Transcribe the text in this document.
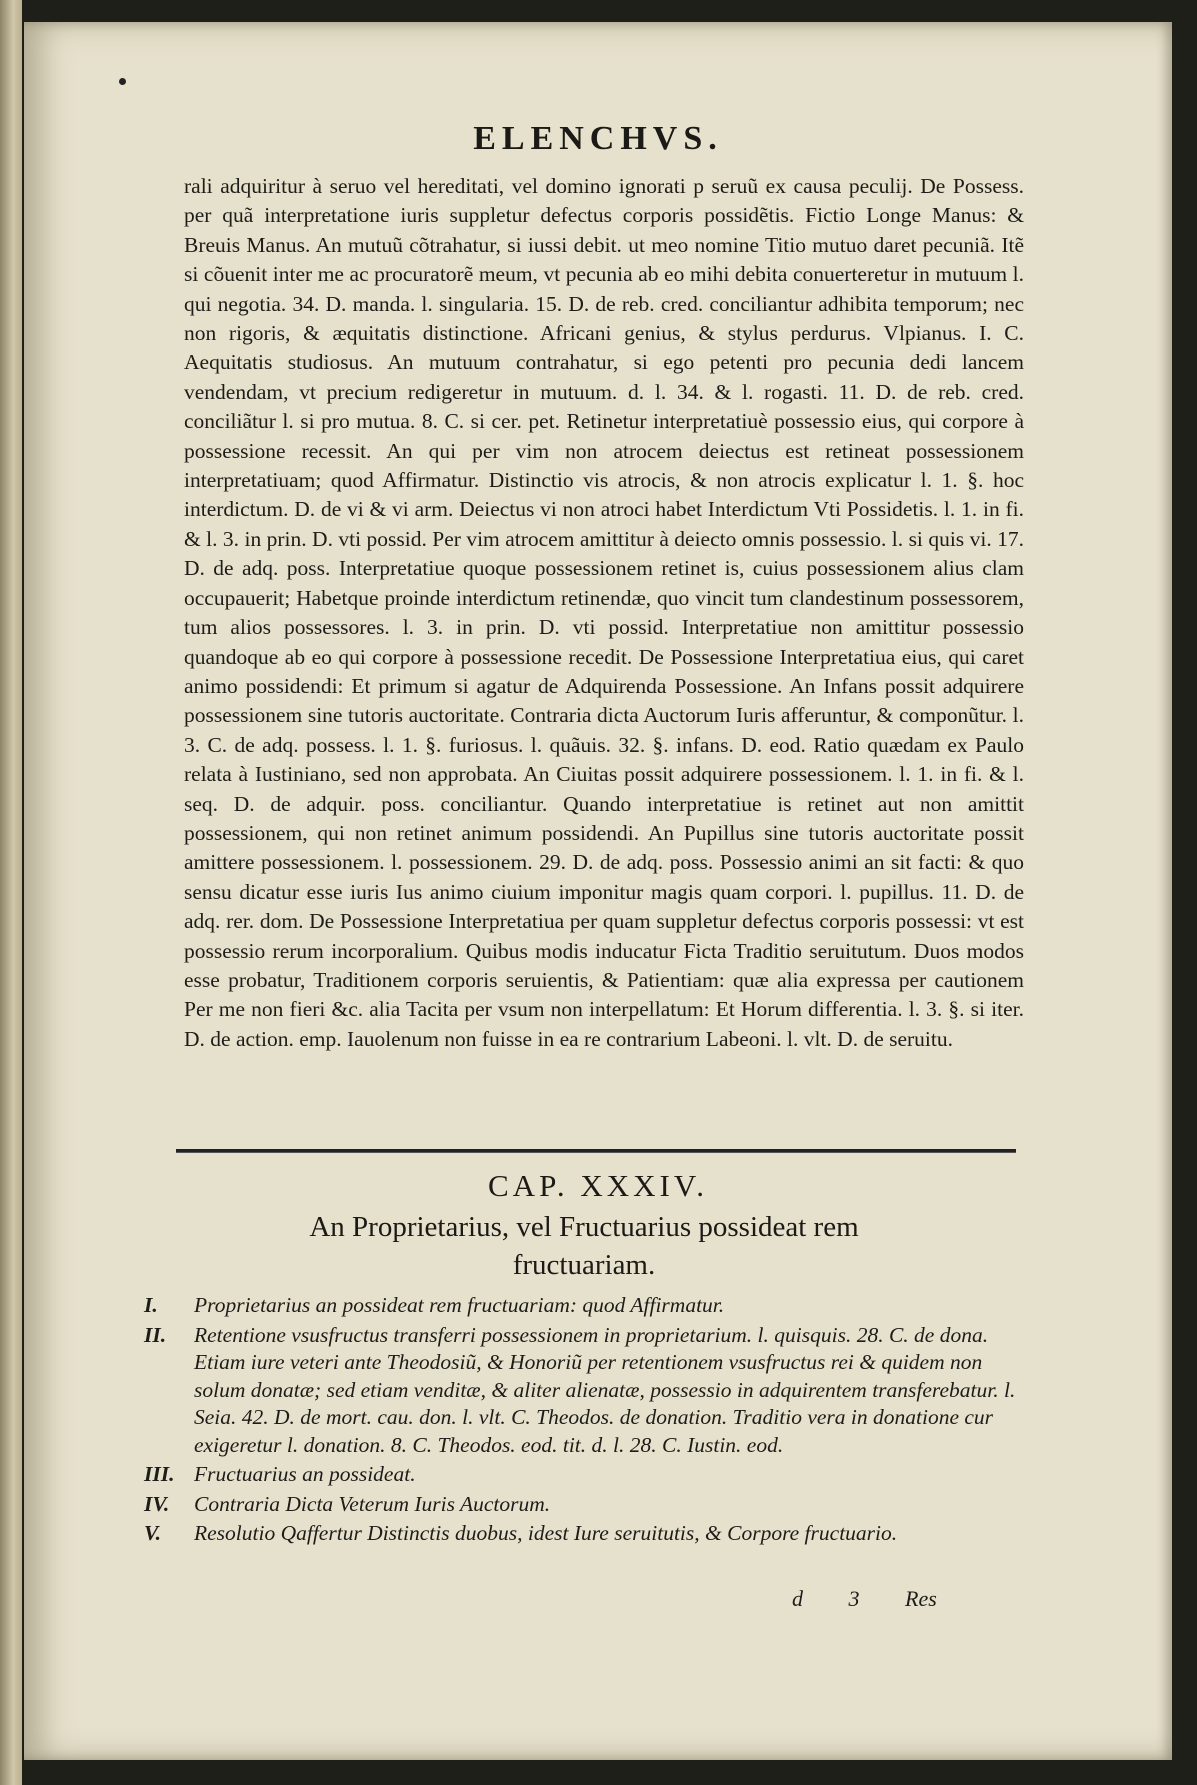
ELENCHVS.
rali adquiritur à seruo vel hereditati, vel domino ignorati p seruũ ex causa peculij. De Possess. per quã interpretatione iuris suppletur defectus corporis possidẽtis. Fictio Longe Manus: & Breuis Manus. An mutuũ cõtrahatur, si iussi debit. ut meo nomine Titio mutuo daret pecuniã. Itẽ si cõuenit inter me ac procuratorẽ meum, vt pecunia ab eo mihi debita conuerteretur in mutuum l. qui negotia. 34. D. manda. l. singularia. 15. D. de reb. cred. conciliantur adhibita temporum; nec non rigoris, & æquitatis distinctione. Africani genius, & stylus perdurus. Vlpianus. I. C. Aequitatis studiosus. An mutuum contrahatur, si ego petenti pro pecunia dedi lancem vendendam, vt precium redigeretur in mutuum. d. l. 34. & l. rogasti. 11. D. de reb. cred. conciliãtur l. si pro mutua. 8. C. si cer. pet. Retinetur interpretatiuè possessio eius, qui corpore à possessione recessit. An qui per vim non atrocem deiectus est retineat possessionem interpretatiuam; quod Affirmatur. Distinctio vis atrocis, & non atrocis explicatur l. 1. §. hoc interdictum. D. de vi & vi arm. Deiectus vi non atroci habet Interdictum Vti Possidetis. l. 1. in fi. & l. 3. in prin. D. vti possid. Per vim atrocem amittitur à deiecto omnis possessio. l. si quis vi. 17. D. de adq. poss. Interpretatiue quoque possessionem retinet is, cuius possessionem alius clam occupauerit; Habetque proinde interdictum retinendæ, quo vincit tum clandestinum possessorem, tum alios possessores. l. 3. in prin. D. vti possid. Interpretatiue non amittitur possessio quandoque ab eo qui corpore à possessione recedit. De Possessione Interpretatiua eius, qui caret animo possidendi: Et primum si agatur de Adquirenda Possessione. An Infans possit adquirere possessionem sine tutoris auctoritate. Contraria dicta Auctorum Iuris afferuntur, & componũtur. l. 3. C. de adq. possess. l. 1. §. furiosus. l. quãuis. 32. §. infans. D. eod. Ratio quædam ex Paulo relata à Iustiniano, sed non approbata. An Ciuitas possit adquirere possessionem. l. 1. in fi. & l. seq. D. de adquir. poss. conciliantur. Quando interpretatiue is retinet aut non amittit possessionem, qui non retinet animum possidendi. An Pupillus sine tutoris auctoritate possit amittere possessionem. l. possessionem. 29. D. de adq. poss. Possessio animi an sit facti: & quo sensu dicatur esse iuris Ius animo ciuium imponitur magis quam corpori. l. pupillus. 11. D. de adq. rer. dom. De Possessione Interpretatiua per quam suppletur defectus corporis possessi: vt est possessio rerum incorporalium. Quibus modis inducatur Ficta Traditio seruitutum. Duos modos esse probatur, Traditionem corporis seruientis, & Patientiam: quæ alia expressa per cautionem Per me non fieri &c. alia Tacita per vsum non interpellatum: Et Horum differentia. l. 3. §. si iter. D. de action. emp. Iauolenum non fuisse in ea re contrarium Labeoni. l. vlt. D. de seruitu.
CAP. XXXIV.
An Proprietarius, vel Fructuarius possideat rem fructuariam.
I. Proprietarius an possideat rem fructuariam: quod Affirmatur.
II. Retentione vsusfructus transferri possessionem in proprietarium. l. quisquis. 28. C. de dona. Etiam iure veteri ante Theodosiũ, & Honoriũ per retentionem vsusfructus rei & quidem non solum donatæ; sed etiam venditæ, & aliter alienatæ, possessio in adquirentem transferebatur. l. Seia. 42. D. de mort. cau. don. l. vlt. C. Theodos. de donation. Traditio vera in donatione cur exigeretur l. donation. 8. C. Theodos. eod. tit. d. l. 28. C. Iustin. eod.
III. Fructuarius an possideat.
IV. Contraria Dicta Veterum Iuris Auctorum.
V. Resolutio Qaffertur Distinctis duobus, idest Iure seruitutis, & Corpore fructuario.
d 3 Res
